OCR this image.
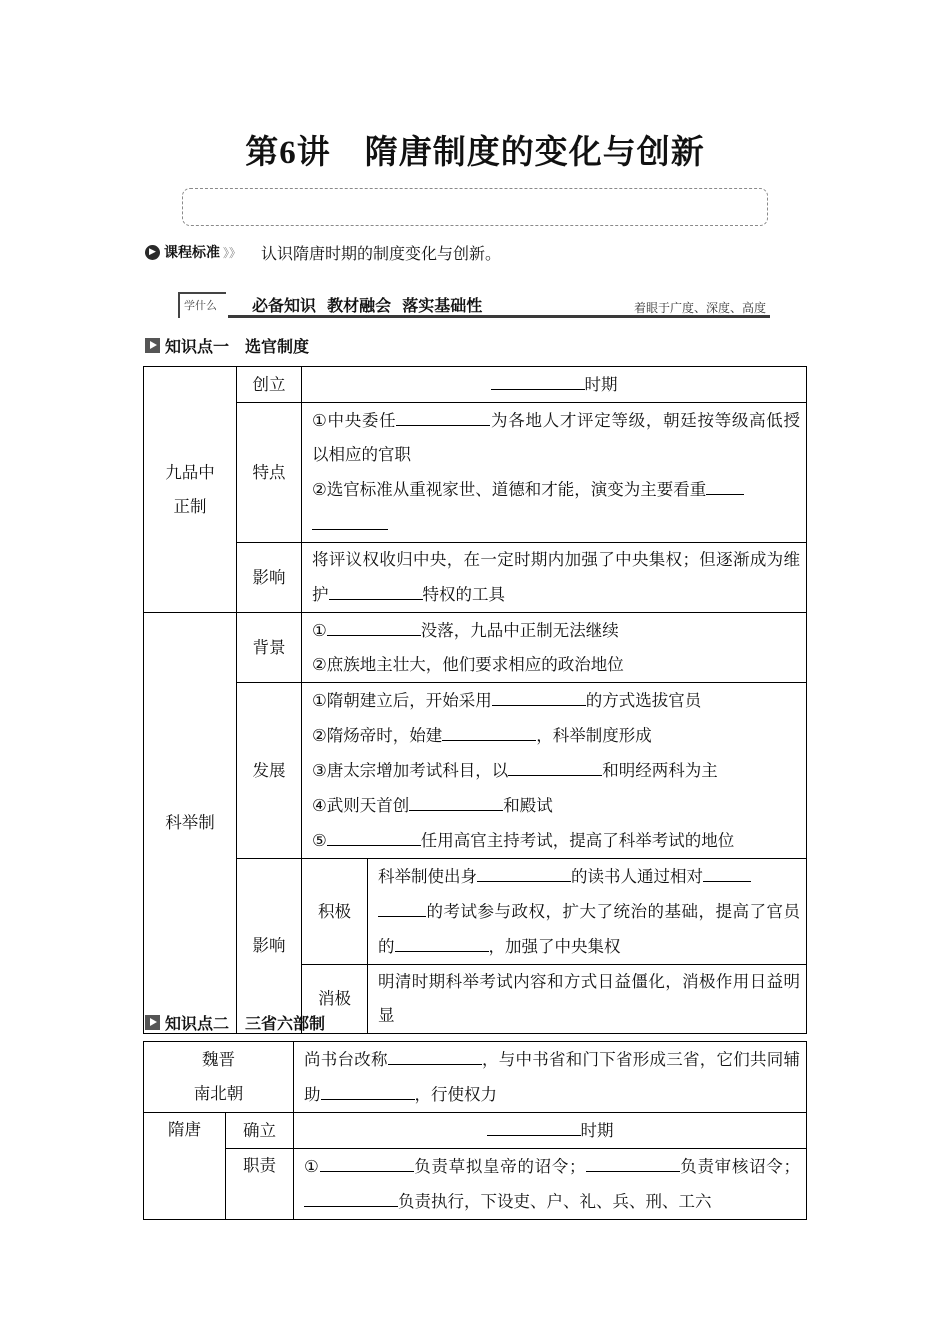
第6讲 隋唐制度的变化与创新
▶ 课程标准 》》 认识隋唐时期的制度变化与创新。
学什么	必备知识  教材融会  落实基础性	着眼于广度、深度、高度
知识点一 选官制度
九品中
正制	创立	时期	
	特点	①中央委任 为各地人才评定等级，朝廷按等级高低授以相应的官职
②选官标准从重视家世、道德和才能，演变为主要看重	

	影响	将评议权收归中央，在一定时期内加强了中央集权；但逐渐成为维护 特权的工具	
科举制	背景	① 没落，九品中正制无法继续
②庶族地主壮大，他们要求相应的政治地位	
	发展	①隋朝建立后，开始采用 的方式选拔官员
②隋炀帝时，始建 ，科举制度形成
③唐太宗增加考试科目，以 和明经两科为主
④武则天首创 和殿试
⑤ 任用高官主持考试，提高了科举考试的地位	
	影响	积极	科举制使出身 的读书人通过相对
的考试参与政权，扩大了统治的基础，提高了官员的 ，加强了中央集权
		消极	明清时期科举考试内容和方式日益僵化，消极作用日益明显
知识点二 三省六部制
魏晋
南北朝		尚书台改称 ，与中书省和门下省形成三省，它们共同辅助 ，行使权力
隋唐	确立	时期
	职责	① 负责草拟皇帝的诏令； 负责审核诏令；负责执行，下设吏、户、礼、兵、刑、工六
